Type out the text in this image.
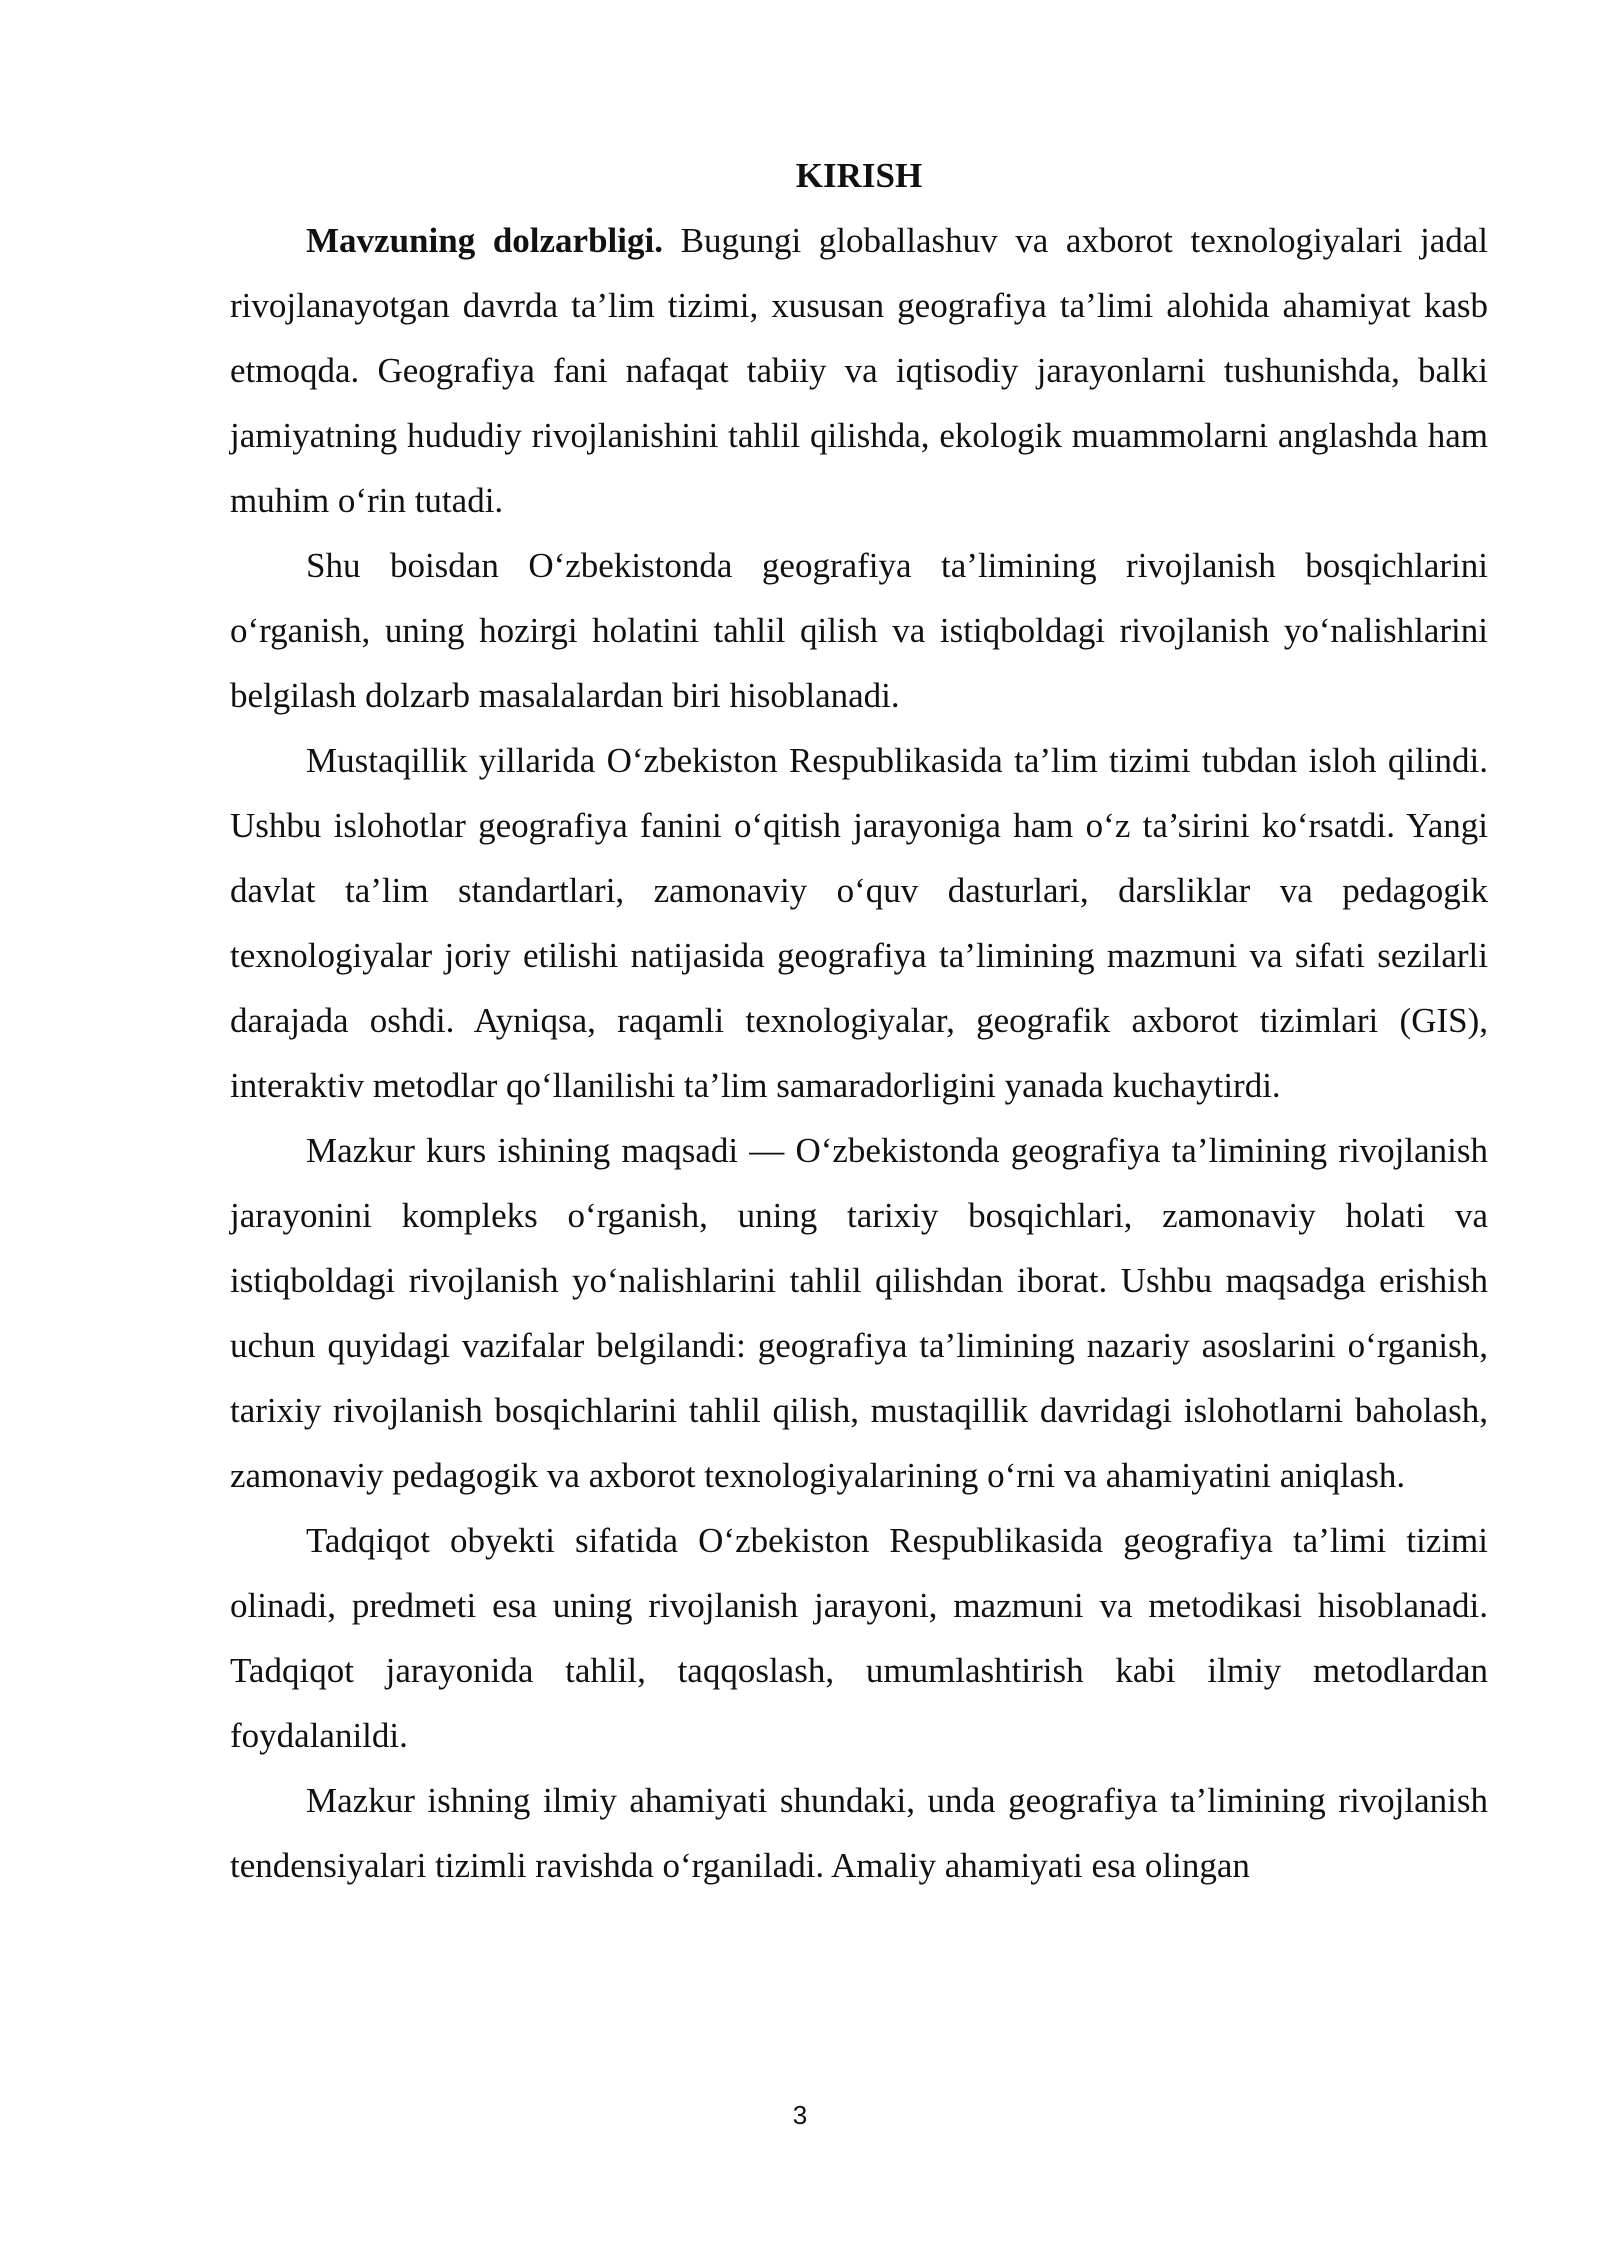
KIRISH

Mavzuning dolzarbligi. Bugungi globallashuv va axborot texnologiyalari jadal rivojlanayotgan davrda ta’lim tizimi, xususan geografiya ta’limi alohida ahamiyat kasb etmoqda. Geografiya fani nafaqat tabiiy va iqtisodiy jarayonlarni tushunishda, balki jamiyatning hududiy rivojlanishini tahlil qilishda, ekologik muammolarni anglashda ham muhim o‘rin tutadi.

Shu boisdan O‘zbekistonda geografiya ta’limining rivojlanish bosqichlarini o‘rganish, uning hozirgi holatini tahlil qilish va istiqboldagi rivojlanish yo‘nalishlarini belgilash dolzarb masalalardan biri hisoblanadi.

Mustaqillik yillarida O‘zbekiston Respublikasida ta’lim tizimi tubdan isloh qilindi. Ushbu islohotlar geografiya fanini o‘qitish jarayoniga ham o‘z ta’sirini ko‘rsatdi. Yangi davlat ta’lim standartlari, zamonaviy o‘quv dasturlari, darsliklar va pedagogik texnologiyalar joriy etilishi natijasida geografiya ta’limining mazmuni va sifati sezilarli darajada oshdi. Ayniqsa, raqamli texnologiyalar, geografik axborot tizimlari (GIS), interaktiv metodlar qo‘llanilishi ta’lim samaradorligini yanada kuchaytirdi.

Mazkur kurs ishining maqsadi — O‘zbekistonda geografiya ta’limining rivojlanish jarayonini kompleks o‘rganish, uning tarixiy bosqichlari, zamonaviy holati va istiqboldagi rivojlanish yo‘nalishlarini tahlil qilishdan iborat. Ushbu maqsadga erishish uchun quyidagi vazifalar belgilandi: geografiya ta’limining nazariy asoslarini o‘rganish, tarixiy rivojlanish bosqichlarini tahlil qilish, mustaqillik davridagi islohotlarni baholash, zamonaviy pedagogik va axborot texnologiyalarining o‘rni va ahamiyatini aniqlash.

Tadqiqot obyekti sifatida O‘zbekiston Respublikasida geografiya ta’limi tizimi olinadi, predmeti esa uning rivojlanish jarayoni, mazmuni va metodikasi hisoblanadi. Tadqiqot jarayonida tahlil, taqqoslash, umumlashtirish kabi ilmiy metodlardan foydalanildi.

Mazkur ishning ilmiy ahamiyati shundaki, unda geografiya ta’limining rivojlanish tendensiyalari tizimli ravishda o‘rganiladi. Amaliy ahamiyati esa olingan

3
